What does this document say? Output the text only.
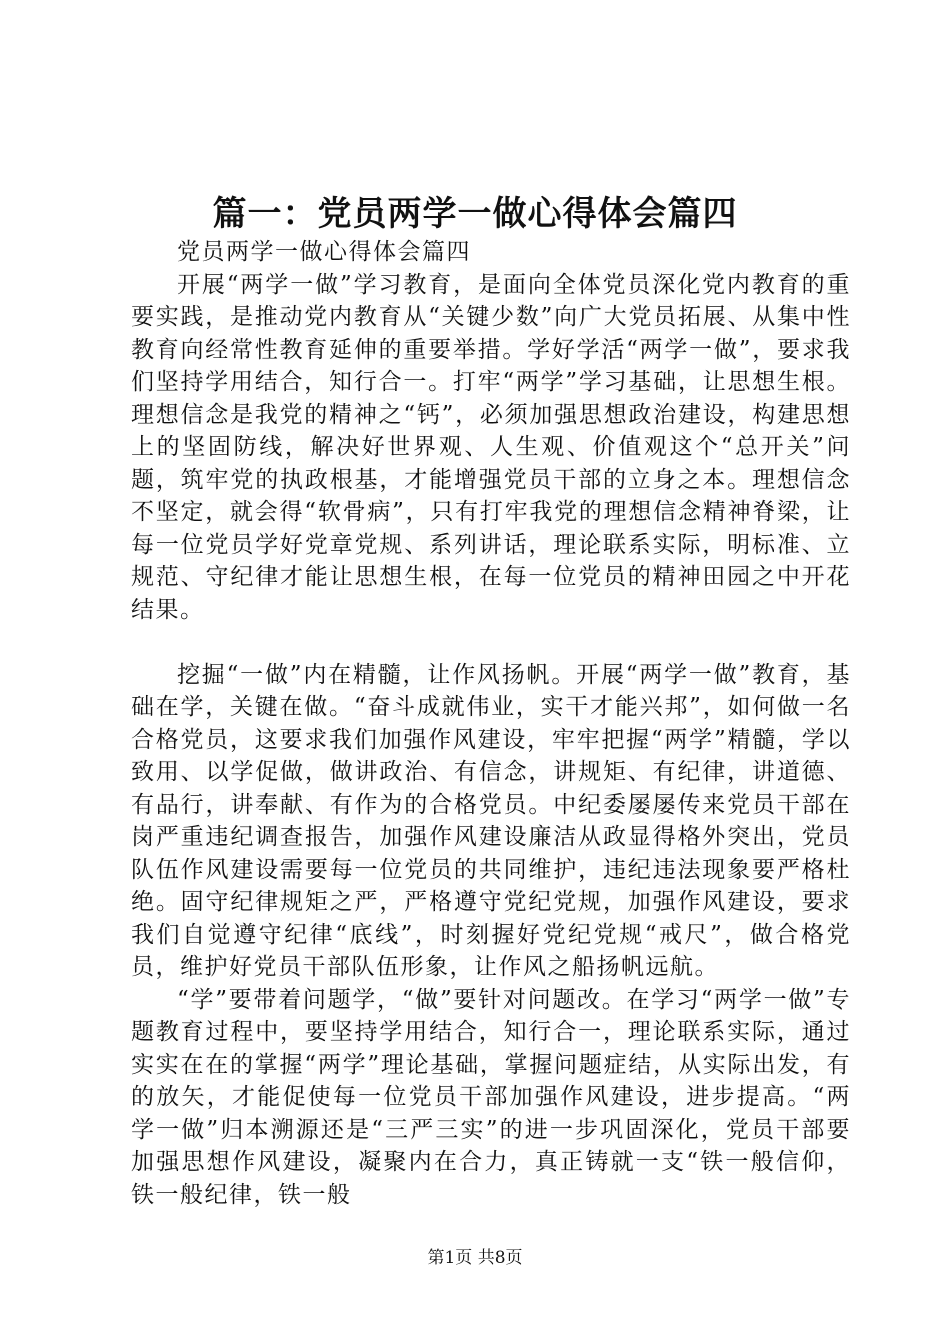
篇一：党员两学一做心得体会篇四

党员两学一做心得体会篇四

开展“两学一做”学习教育，是面向全体党员深化党内教育的重要实践，是推动党内教育从“关键少数”向广大党员拓展、从集中性教育向经常性教育延伸的重要举措。学好学活“两学一做”，要求我们坚持学用结合，知行合一。打牢“两学”学习基础，让思想生根。理想信念是我党的精神之“钙”，必须加强思想政治建设，构建思想上的坚固防线，解决好世界观、人生观、价值观这个“总开关”问题，筑牢党的执政根基，才能增强党员干部的立身之本。理想信念不坚定，就会得“软骨病”，只有打牢我党的理想信念精神脊梁，让每一位党员学好党章党规、系列讲话，理论联系实际，明标准、立规范、守纪律才能让思想生根，在每一位党员的精神田园之中开花结果。

挖掘“一做”内在精髓，让作风扬帆。开展“两学一做”教育，基础在学，关键在做。“奋斗成就伟业，实干才能兴邦”，如何做一名合格党员，这要求我们加强作风建设，牢牢把握“两学”精髓，学以致用、以学促做，做讲政治、有信念，讲规矩、有纪律，讲道德、有品行，讲奉献、有作为的合格党员。中纪委屡屡传来党员干部在岗严重违纪调查报告，加强作风建设廉洁从政显得格外突出，党员队伍作风建设需要每一位党员的共同维护，违纪违法现象要严格杜绝。固守纪律规矩之严，严格遵守党纪党规，加强作风建设，要求我们自觉遵守纪律“底线”，时刻握好党纪党规“戒尺”，做合格党员，维护好党员干部队伍形象，让作风之船扬帆远航。

“学”要带着问题学，“做”要针对问题改。在学习“两学一做”专题教育过程中，要坚持学用结合，知行合一，理论联系实际，通过实实在在的掌握“两学”理论基础，掌握问题症结，从实际出发，有的放矢，才能促使每一位党员干部加强作风建设，进步提高。“两学一做”归本溯源还是“三严三实”的进一步巩固深化，党员干部要加强思想作风建设，凝聚内在合力，真正铸就一支“铁一般信仰，铁一般纪律，铁一般

第1页 共8页
